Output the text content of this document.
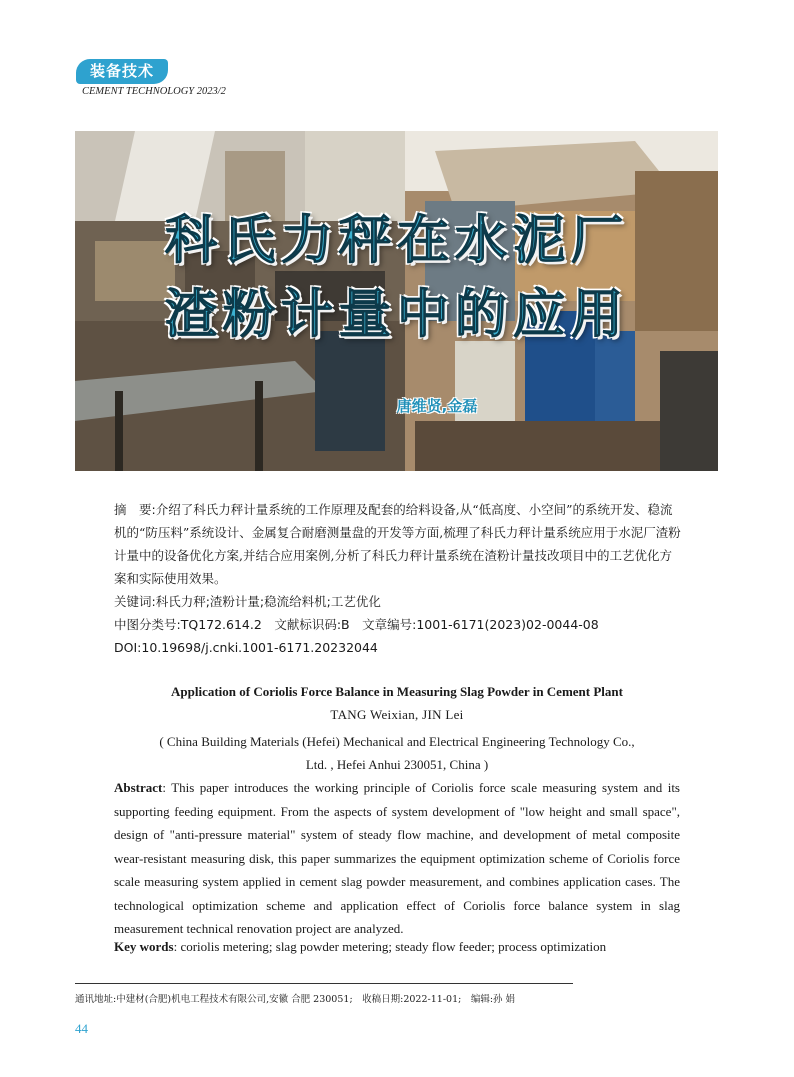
装备技术
CEMENT TECHNOLOGY 2023/2
科氏力秤在水泥厂
渣粉计量中的应用
唐维贤,金磊

摘　要:介绍了科氏力秤计量系统的工作原理及配套的给料设备,从“低高度、小空间”的系统开发、稳流机的“防压料”系统设计、金属复合耐磨测量盘的开发等方面,梳理了科氏力秤计量系统应用于水泥厂渣粉计量中的设备优化方案,并结合应用案例,分析了科氏力秤计量系统在渣粉计量技改项目中的工艺优化方案和实际使用效果。

关键词:科氏力秤;渣粉计量;稳流给料机;工艺优化

中图分类号:TQ172.614.2　 文献标识码:B　 文章编号:1001-6171(2023)02-0044-08

DOI:10.19698/j.cnki.1001-6171.20232044

Application of Coriolis Force Balance in Measuring Slag Powder in Cement Plant
TANG Weixian, JIN Lei
( China Building Materials (Hefei) Mechanical and Electrical Engineering Technology Co.,
Ltd. , Hefei Anhui 230051, China )
Abstract: This paper introduces the working principle of Coriolis force scale measuring system and its supporting feeding equipment. From the aspects of system development of "low height and small space", design of "anti-pressure material" system of steady flow machine, and development of metal composite wear-resistant measuring disk, this paper summarizes the equipment optimization scheme of Coriolis force scale measuring system applied in cement slag powder measurement, and combines application cases. The technological optimization scheme and application effect of Coriolis force balance system in slag measurement technical renovation project are analyzed.
Key words: coriolis metering; slag powder metering; steady flow feeder; process optimization
通讯地址:中建材(合肥)机电工程技术有限公司,安徽 合肥 230051;　收稿日期:2022-11-01;　编辑:孙 娟
44
